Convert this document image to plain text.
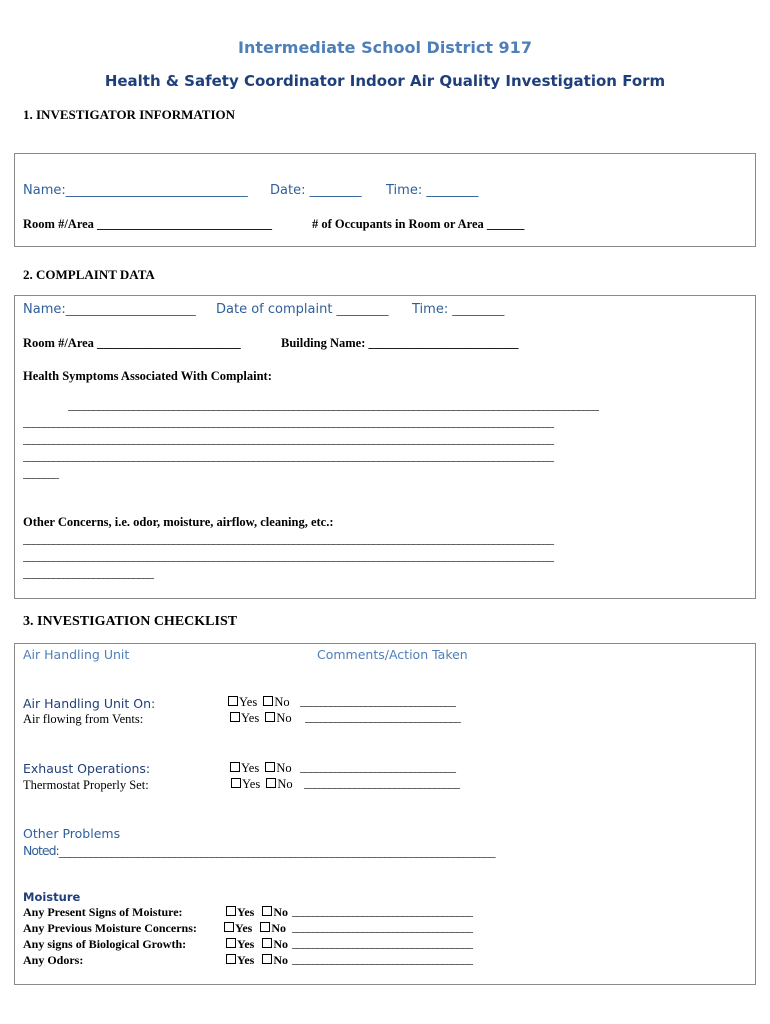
Intermediate School District 917
Health & Safety Coordinator Indoor Air Quality Investigation Form
1. INVESTIGATOR INFORMATION
Name:____________________________ Date: ________ Time: ________
Room #/Area ____________________________	# of Occupants in Room or Area ______
2. COMPLAINT DATA
Name:____________________ Date of complaint ________ Time: ________
Room #/Area _______________________	Building Name: ________________________
Health Symptoms Associated With Complaint:
__________________________________________________________________________________________________________
__________________________________________________________________________________________________________
__________________________________________________________________________________________________________
__________________________________________________________________________________________________________
_______
Other Concerns, i.e. odor, moisture, airflow, cleaning, etc.:
__________________________________________________________________________________________________________
__________________________________________________________________________________________________________
__________________________
3. INVESTIGATION CHECKLIST
Air Handling Unit	Comments/Action Taken
Air Handling Unit On:	Yes No _______________________________
Air flowing from Vents:	Yes No _______________________________
Exhaust Operations:	Yes No _______________________________
Thermostat Properly Set:	Yes No _______________________________
Other Problems
Noted:___________________________________________________________________________________
Moisture
Any Present Signs of Moisture:	Yes No ____________________________________
Any Previous Moisture Concerns:	Yes No ____________________________________
Any signs of Biological Growth:	Yes No ____________________________________
Any Odors:	Yes No ____________________________________
